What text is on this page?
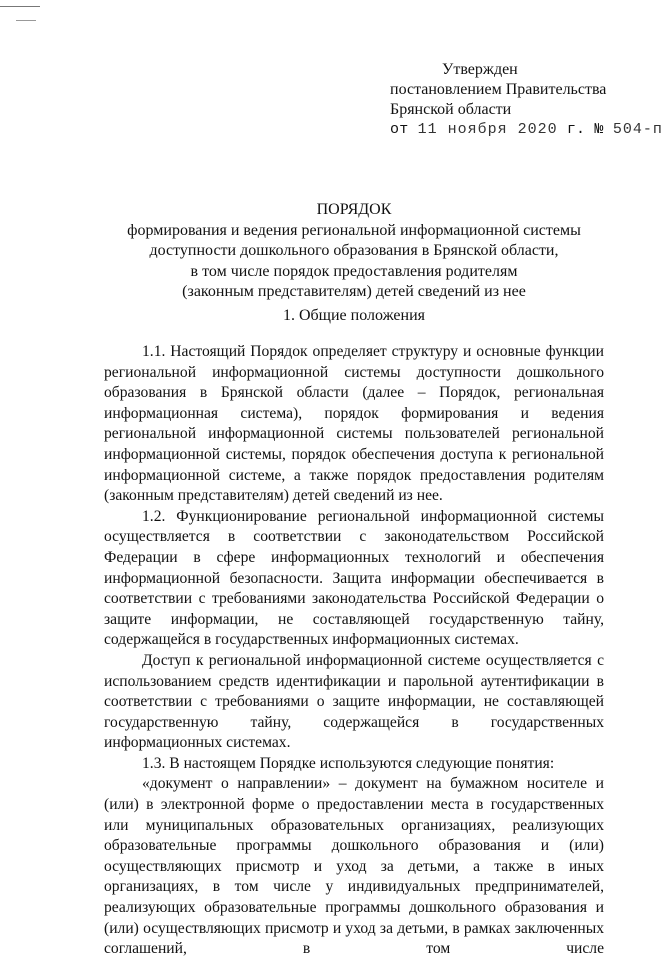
Утвержден
постановлением Правительства
Брянской области
от 11 ноября 2020 г. № 504-п
ПОРЯДОК
формирования и ведения региональной информационной системы
доступности дошкольного образования в Брянской области,
в том числе порядок предоставления родителям
(законным представителям) детей сведений из нее
1. Общие положения

1.1. Настоящий Порядок определяет структуру и основные функции региональной информационной системы доступности дошкольного образования в Брянской области (далее – Порядок, региональная информационная система), порядок формирования и ведения региональной информационной системы пользователей региональной информационной системы, порядок обеспечения доступа к региональной информационной системе, а также порядок предоставления родителям (законным представителям) детей сведений из нее.

1.2. Функционирование региональной информационной системы осуществляется в соответствии с законодательством Российской Федерации в сфере информационных технологий и обеспечения информационной безопасности. Защита информации обеспечивается в соответствии с требованиями законодательства Российской Федерации о защите информации, не составляющей государственную тайну, содержащейся в государственных информационных системах.

Доступ к региональной информационной системе осуществляется с использованием средств идентификации и парольной аутентификации в соответствии с требованиями о защите информации, не составляющей государственную тайну, содержащейся в государственных информационных системах.

1.3. В настоящем Порядке используются следующие понятия:

«документ о направлении» – документ на бумажном носителе и (или) в электронной форме о предоставлении места в государственных или муниципальных образовательных организациях, реализующих образовательные программы дошкольного образования и (или) осуществляющих присмотр и уход за детьми, а также в иных организациях, в том числе у индивидуальных предпринимателей, реализующих образовательные программы дошкольного образования и (или) осуществляющих присмотр и уход за детьми, в рамках заключенных соглашений, в том числе
